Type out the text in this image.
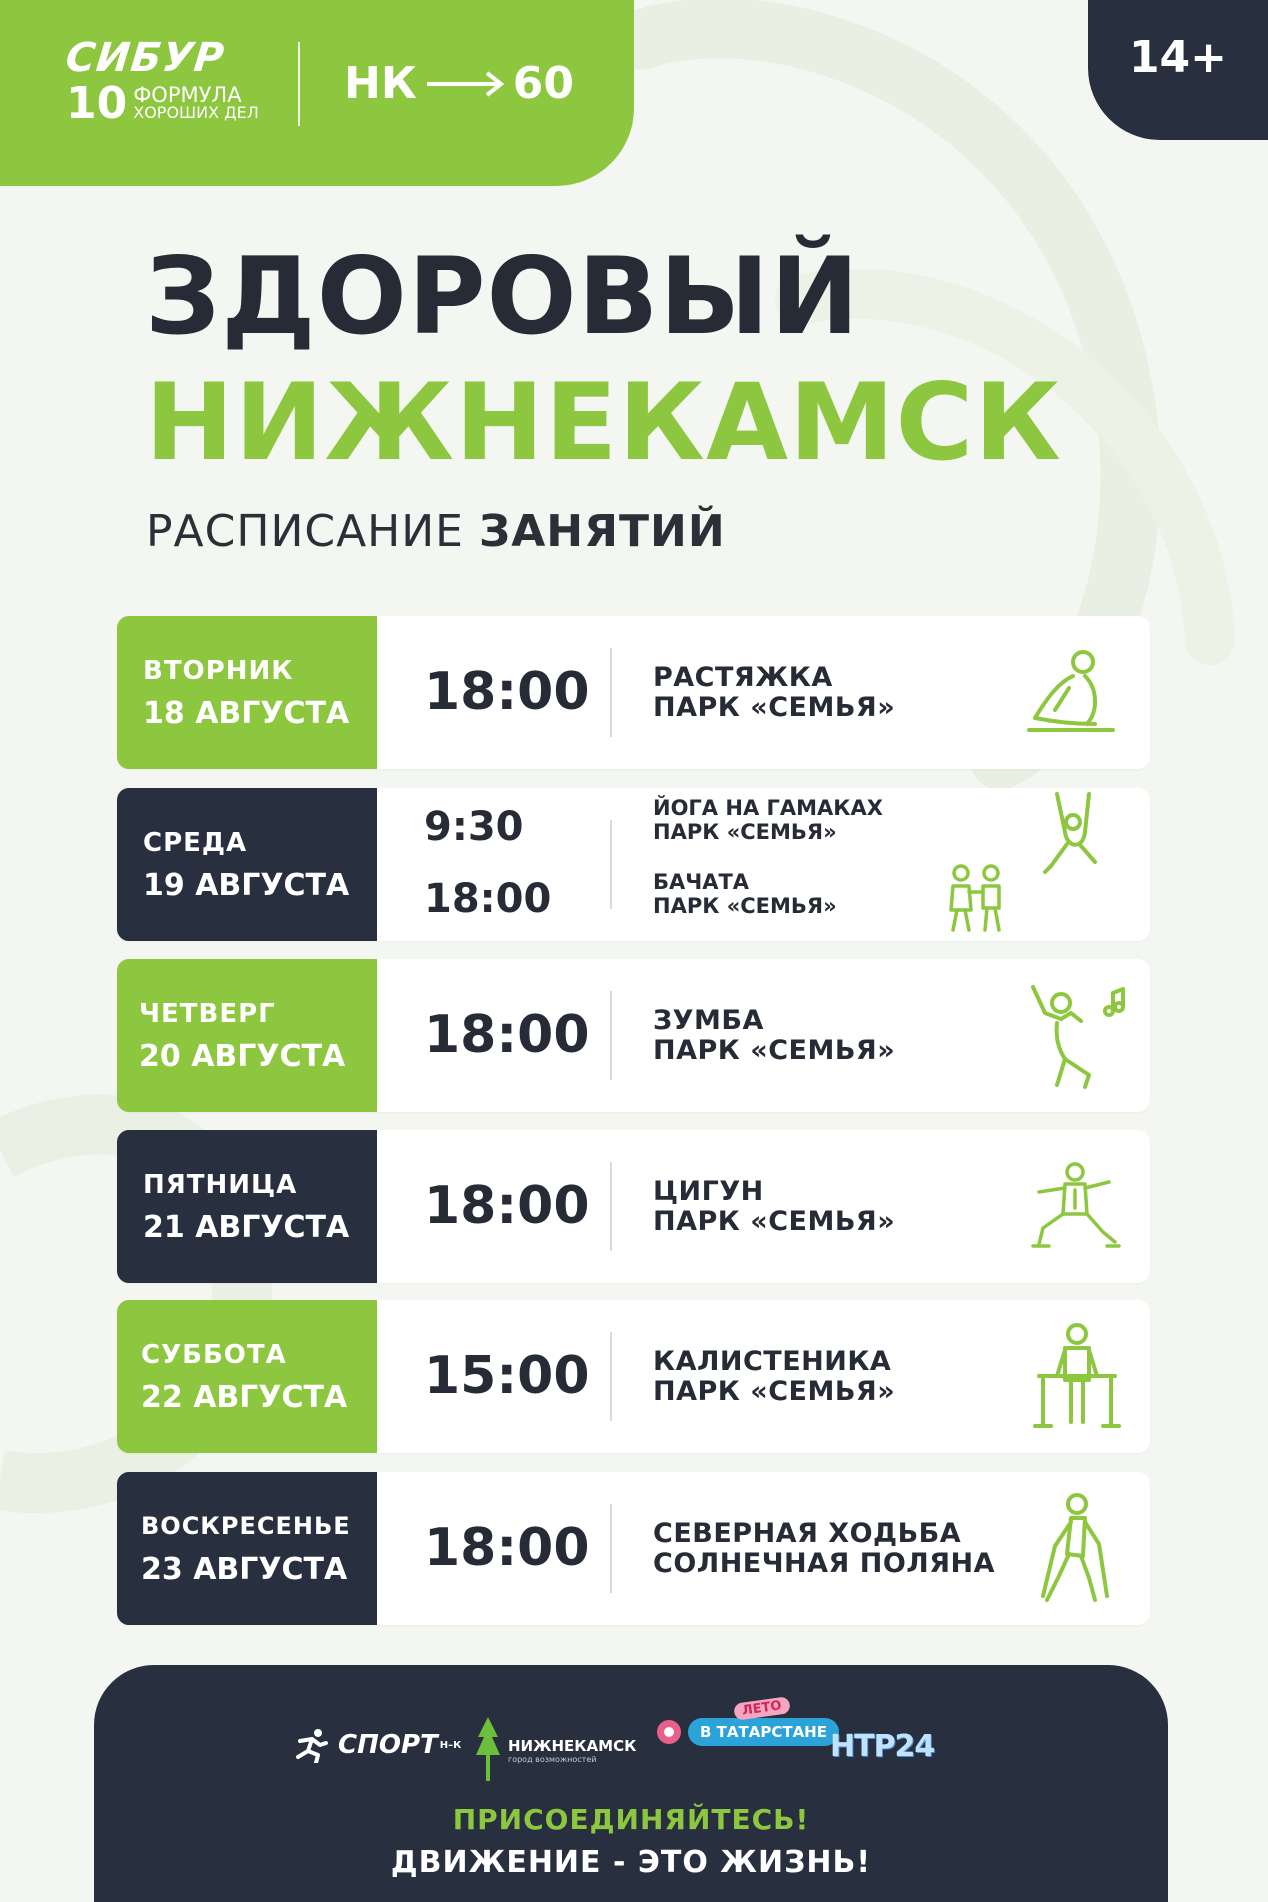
СИБУР
10 ФОРМУЛА
ХОРОШИХ ДЕЛ
НК 60
14+
ЗДОРОВЫЙ
НИЖНЕКАМСК
РАСПИСАНИЕ ЗАНЯТИЙ
ВТОРНИК
18 АВГУСТА 18:00 РАСТЯЖКА
ПАРК «СЕМЬЯ»
СРЕДА
19 АВГУСТА
9:30
18:00
ЙОГА НА ГАМАКАХ
ПАРК «СЕМЬЯ»
БАЧАТА
ПАРК «СЕМЬЯ»
ЧЕТВЕРГ
20 АВГУСТА 18:00 ЗУМБА
ПАРК «СЕМЬЯ»
ПЯТНИЦА
21 АВГУСТА 18:00 ЦИГУН
ПАРК «СЕМЬЯ»
СУББОТА
22 АВГУСТА 15:00 КАЛИСТЕНИКА
ПАРК «СЕМЬЯ»
ВОСКРЕСЕНЬЕ
23 АВГУСТА 18:00 СЕВЕРНАЯ ХОДЬБА
СОЛНЕЧНАЯ ПОЛЯНА
СПОРТ Н–К	НИЖНЕКАМСК
город возможностей
ЛЕТО
В ТАТАРСТАНЕ НТР24
ПРИСОЕДИНЯЙТЕСЬ!
ДВИЖЕНИЕ - ЭТО ЖИЗНЬ!
